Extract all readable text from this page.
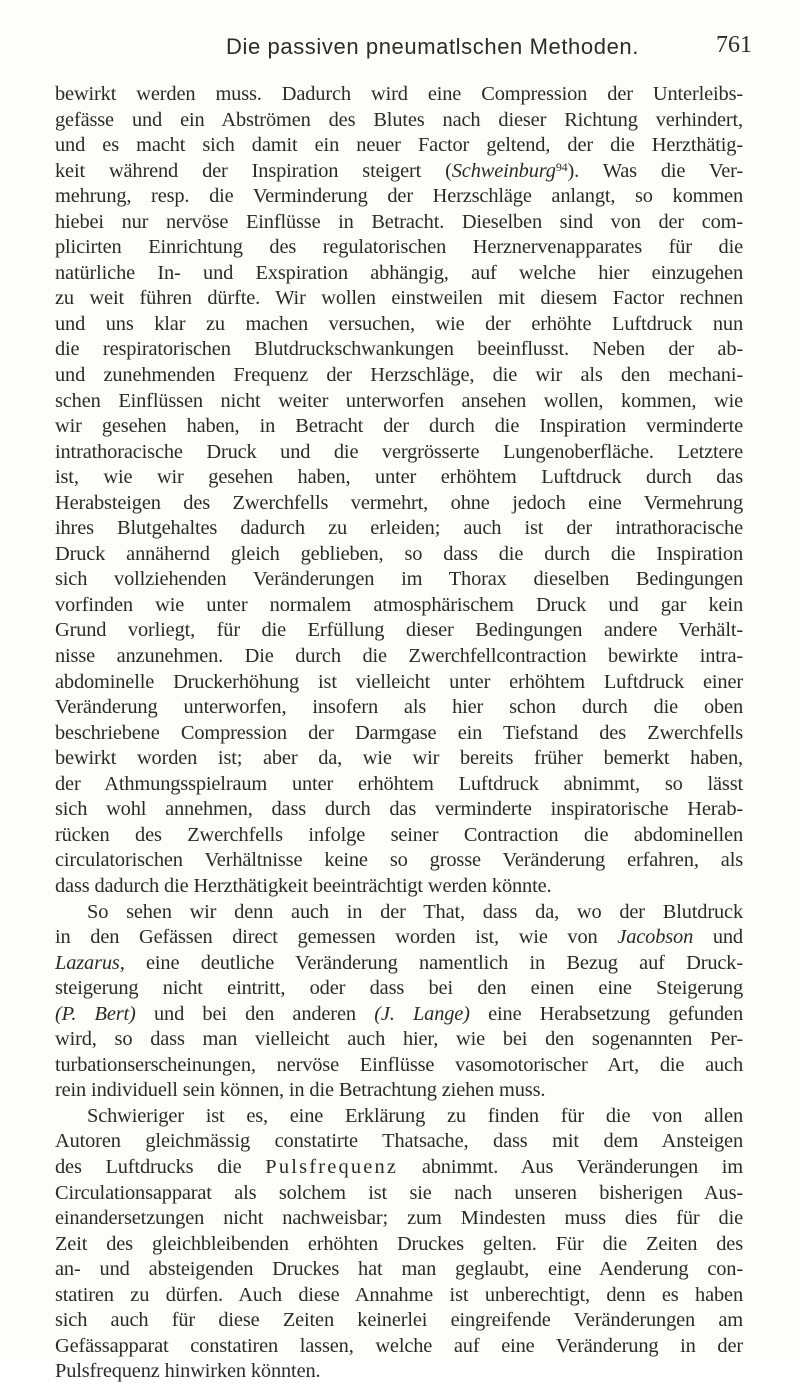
Die passiven pneumatlschen Methoden.	761
bewirkt werden muss. Dadurch wird eine Compression der Unterleibs-
gefässe und ein Abströmen des Blutes nach dieser Richtung verhindert,
und es macht sich damit ein neuer Factor geltend, der die Herzthätig-
keit während der Inspiration steigert (Schweinburg$^{94}$). Was die Ver-
mehrung, resp. die Verminderung der Herzschläge anlangt, so kommen
hiebei nur nervöse Einflüsse in Betracht. Dieselben sind von der com-
plicirten Einrichtung des regulatorischen Herznervenapparates für die
natürliche In- und Exspiration abhängig, auf welche hier einzugehen
zu weit führen dürfte. Wir wollen einstweilen mit diesem Factor rechnen
und uns klar zu machen versuchen, wie der erhöhte Luftdruck nun
die respiratorischen Blutdruckschwankungen beeinflusst. Neben der ab-
und zunehmenden Frequenz der Herzschläge, die wir als den mechani-
schen Einflüssen nicht weiter unterworfen ansehen wollen, kommen, wie
wir gesehen haben, in Betracht der durch die Inspiration verminderte
intrathoracische Druck und die vergrösserte Lungenoberfläche. Letztere
ist, wie wir gesehen haben, unter erhöhtem Luftdruck durch das
Herabsteigen des Zwerchfells vermehrt, ohne jedoch eine Vermehrung
ihres Blutgehaltes dadurch zu erleiden; auch ist der intrathoracische
Druck annähernd gleich geblieben, so dass die durch die Inspiration
sich vollziehenden Veränderungen im Thorax dieselben Bedingungen
vorfinden wie unter normalem atmosphärischem Druck und gar kein
Grund vorliegt, für die Erfüllung dieser Bedingungen andere Verhält-
nisse anzunehmen. Die durch die Zwerchfellcontraction bewirkte intra-
abdominelle Druckerhöhung ist vielleicht unter erhöhtem Luftdruck einer
Veränderung unterworfen, insofern als hier schon durch die oben
beschriebene Compression der Darmgase ein Tiefstand des Zwerchfells
bewirkt worden ist; aber da, wie wir bereits früher bemerkt haben,
der Athmungsspielraum unter erhöhtem Luftdruck abnimmt, so lässt
sich wohl annehmen, dass durch das verminderte inspiratorische Herab-
rücken des Zwerchfells infolge seiner Contraction die abdominellen
circulatorischen Verhältnisse keine so grosse Veränderung erfahren, als
dass dadurch die Herzthätigkeit beeinträchtigt werden könnte.
So sehen wir denn auch in der That, dass da, wo der Blutdruck
in den Gefässen direct gemessen worden ist, wie von Jacobson und
Lazarus, eine deutliche Veränderung namentlich in Bezug auf Druck-
steigerung nicht eintritt, oder dass bei den einen eine Steigerung
(P. Bert) und bei den anderen (J. Lange) eine Herabsetzung gefunden
wird, so dass man vielleicht auch hier, wie bei den sogenannten Per-
turbationserscheinungen, nervöse Einflüsse vasomotorischer Art, die auch
rein individuell sein können, in die Betrachtung ziehen muss.
Schwieriger ist es, eine Erklärung zu finden für die von allen
Autoren gleichmässig constatirte Thatsache, dass mit dem Ansteigen
des Luftdrucks die Pulsfrequenz abnimmt. Aus Veränderungen im
Circulationsapparat als solchem ist sie nach unseren bisherigen Aus-
einandersetzungen nicht nachweisbar; zum Mindesten muss dies für die
Zeit des gleichbleibenden erhöhten Druckes gelten. Für die Zeiten des
an- und absteigenden Druckes hat man geglaubt, eine Aenderung con-
statiren zu dürfen. Auch diese Annahme ist unberechtigt, denn es haben
sich auch für diese Zeiten keinerlei eingreifende Veränderungen am
Gefässapparat constatiren lassen, welche auf eine Veränderung in der
Pulsfrequenz hinwirken könnten.
